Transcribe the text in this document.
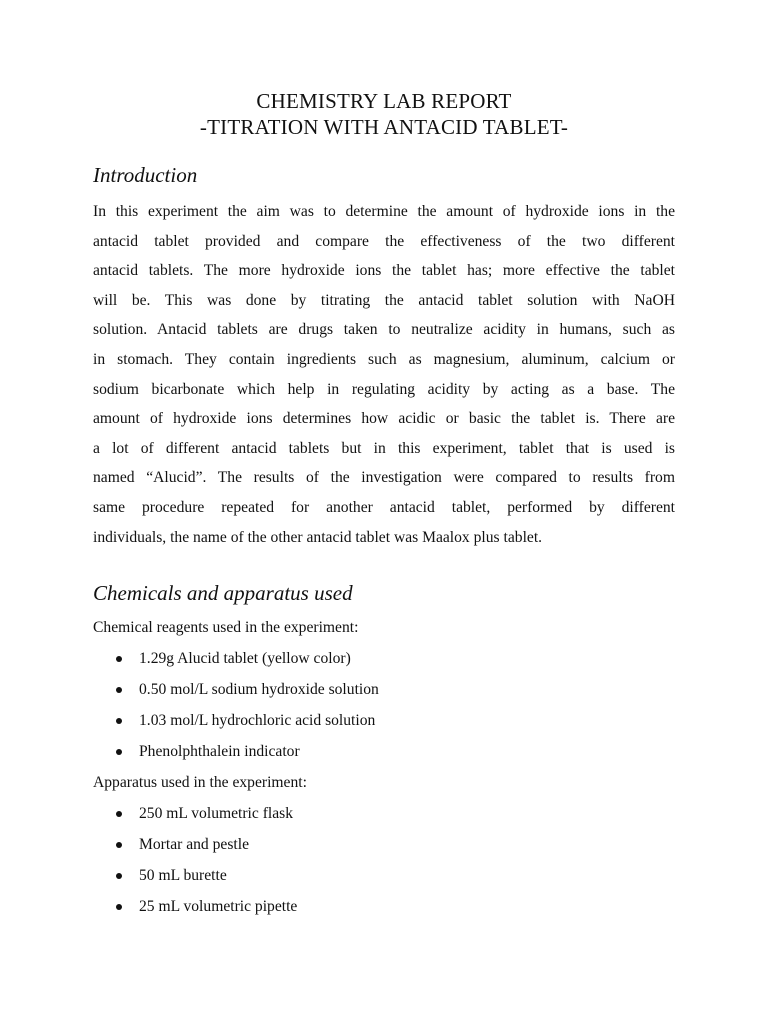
CHEMISTRY LAB REPORT
-TITRATION WITH ANTACID TABLET-
Introduction
In this experiment the aim was to determine the amount of hydroxide ions in the
antacid tablet provided and compare the effectiveness of the two different
antacid tablets. The more hydroxide ions the tablet has; more effective the tablet
will be. This was done by titrating the antacid tablet solution with NaOH
solution. Antacid tablets are drugs taken to neutralize acidity in humans, such as
in stomach. They contain ingredients such as magnesium, aluminum, calcium or
sodium bicarbonate which help in regulating acidity by acting as a base. The
amount of hydroxide ions determines how acidic or basic the tablet is. There are
a lot of different antacid tablets but in this experiment, tablet that is used is
named “Alucid”. The results of the investigation were compared to results from
same procedure repeated for another antacid tablet, performed by different
individuals, the name of the other antacid tablet was Maalox plus tablet.
Chemicals and apparatus used
Chemical reagents used in the experiment:
1.29g Alucid tablet (yellow color)
0.50 mol/L sodium hydroxide solution
1.03 mol/L hydrochloric acid solution
Phenolphthalein indicator
Apparatus used in the experiment:
250 mL volumetric flask
Mortar and pestle
50 mL burette
25 mL volumetric pipette
